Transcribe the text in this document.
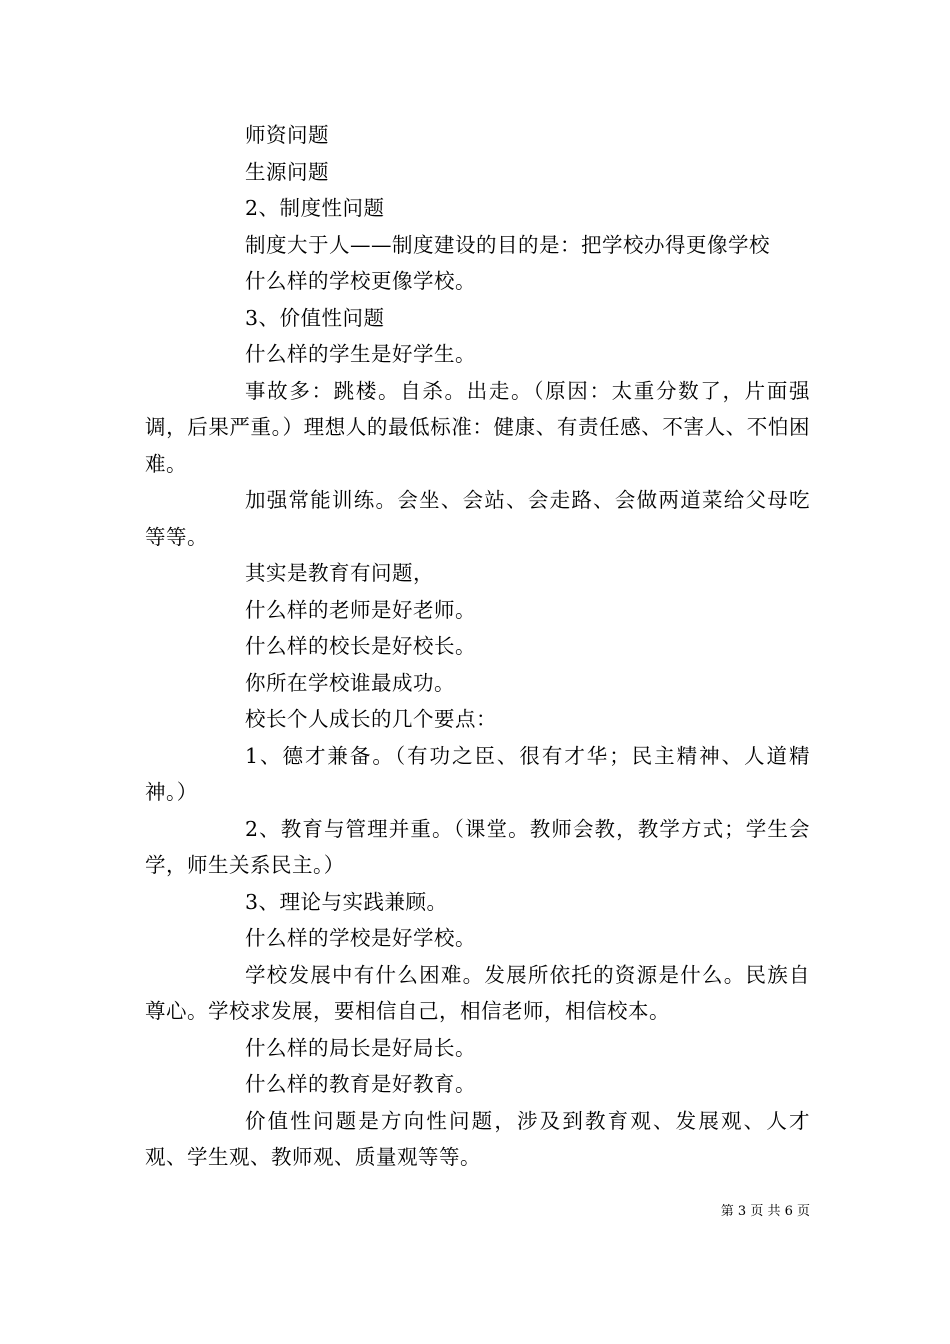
师资问题

生源问题

2、制度性问题

制度大于人——制度建设的目的是：把学校办得更像学校

什么样的学校更像学校。

3、价值性问题

什么样的学生是好学生。

事故多：跳楼。自杀。出走。（原因：太重分数了，片面强调，后果严重。）理想人的最低标准：健康、有责任感、不害人、不怕困难。

加强常能训练。会坐、会站、会走路、会做两道菜给父母吃等等。

其实是教育有问题，

什么样的老师是好老师。

什么样的校长是好校长。

你所在学校谁最成功。

校长个人成长的几个要点：

1、德才兼备。（有功之臣、很有才华；民主精神、人道精神。）

2、教育与管理并重。（课堂。教师会教，教学方式；学生会学，师生关系民主。）

3、理论与实践兼顾。

什么样的学校是好学校。

学校发展中有什么困难。发展所依托的资源是什么。民族自尊心。学校求发展，要相信自己，相信老师，相信校本。

什么样的局长是好局长。

什么样的教育是好教育。

价值性问题是方向性问题，涉及到教育观、发展观、人才观、学生观、教师观、质量观等等。

第 3 页 共 6 页
